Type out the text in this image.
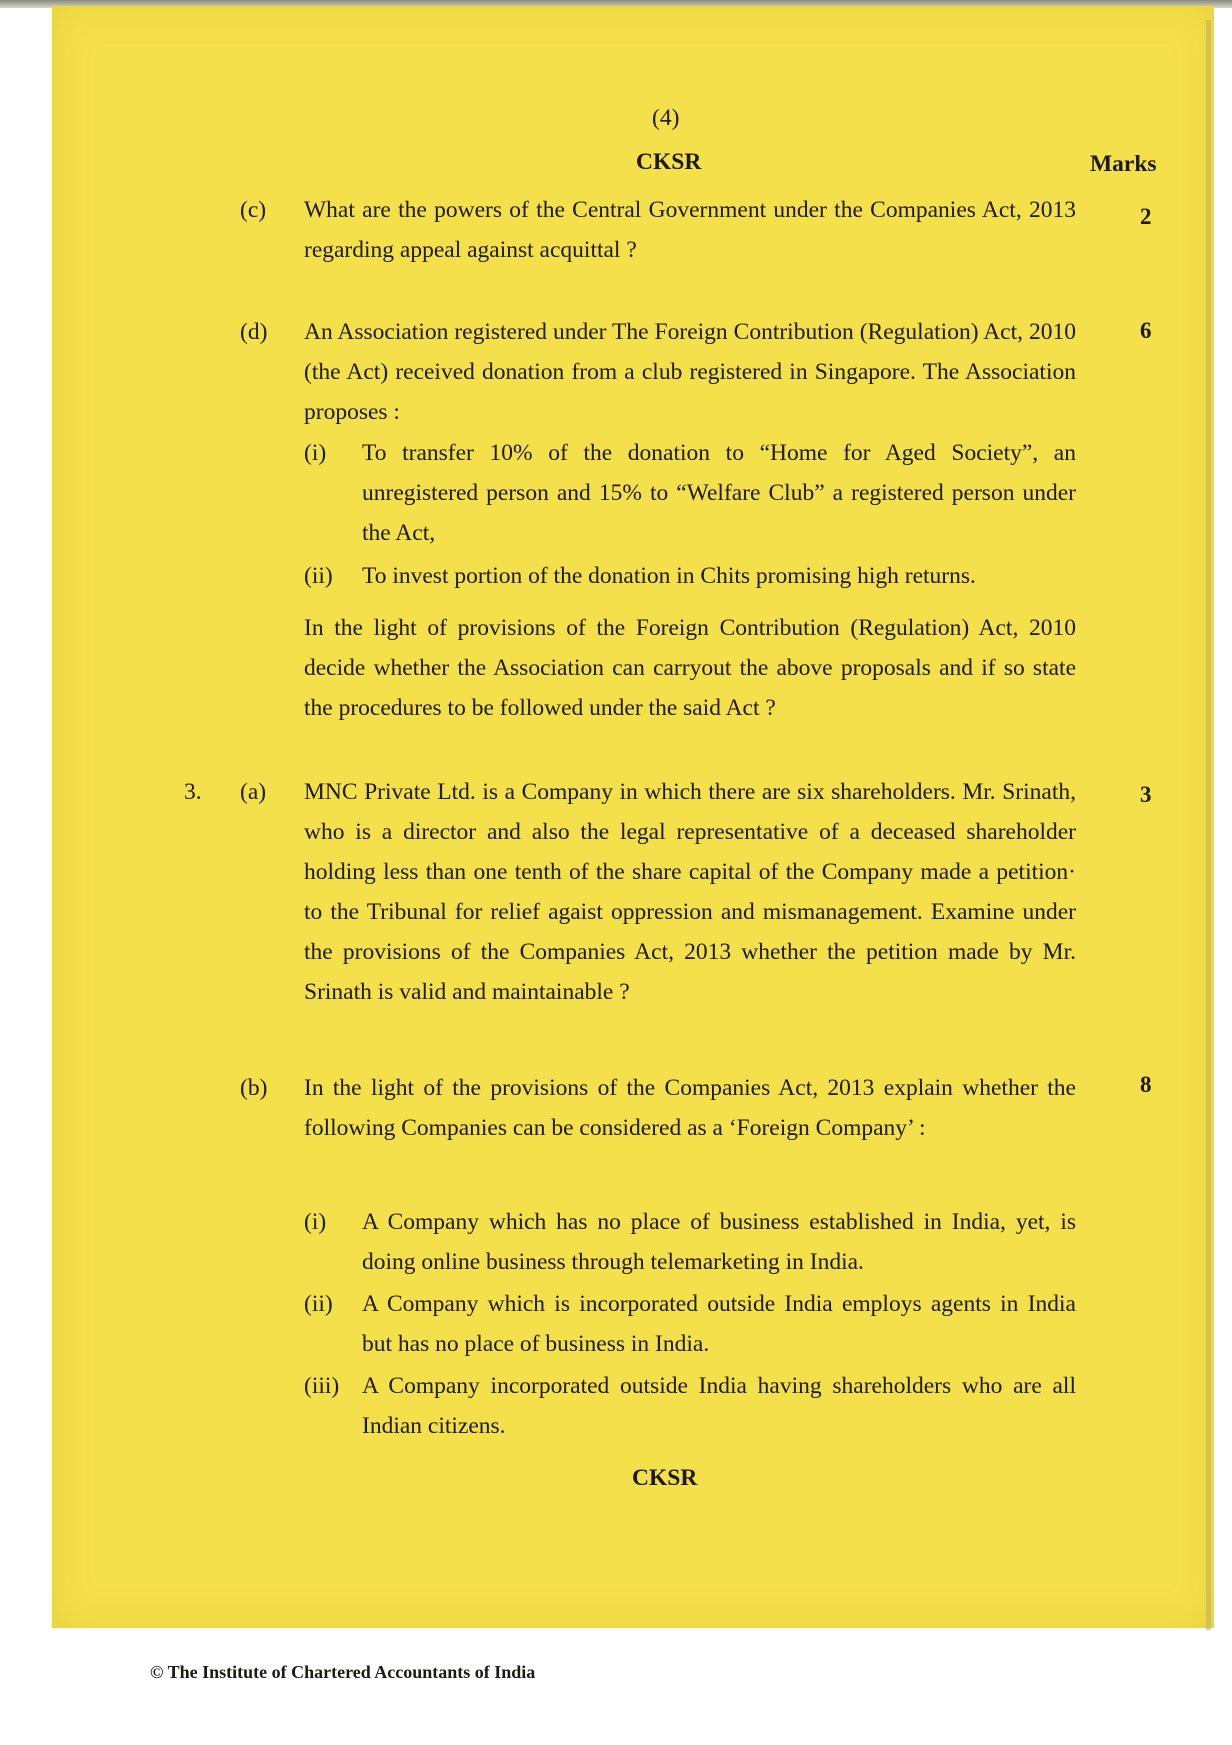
(4)
CKSR	Marks
(c) What are the powers of the Central Government under the Companies Act, 2013 regarding appeal against acquittal ?
2
(d) An Association registered under The Foreign Contribution (Regulation) Act, 2010 (the Act) received donation from a club registered in Singapore. The Association proposes :
6
(i) To transfer 10% of the donation to “Home for Aged Society”, an unregistered person and 15% to “Welfare Club” a registered person under the Act,
(ii) To invest portion of the donation in Chits promising high returns.
In the light of provisions of the Foreign Contribution (Regulation) Act, 2010 decide whether the Association can carryout the above proposals and if so state the procedures to be followed under the said Act ?
3. (a) MNC Private Ltd. is a Company in which there are six shareholders. Mr. Srinath, who is a director and also the legal representative of a deceased shareholder holding less than one tenth of the share capital of the Company made a petition· to the Tribunal for relief agaist oppression and mismanagement. Examine under the provisions of the Companies Act, 2013 whether the petition made by Mr. Srinath is valid and maintainable ?
3
(b) In the light of the provisions of the Companies Act, 2013 explain whether the following Companies can be considered as a ‘Foreign Company’ :
8
(i) A Company which has no place of business established in India, yet, is doing online business through telemarketing in India.
(ii) A Company which is incorporated outside India employs agents in India but has no place of business in India.
(iii) A Company incorporated outside India having shareholders who are all Indian citizens.
CKSR
© The Institute of Chartered Accountants of India
